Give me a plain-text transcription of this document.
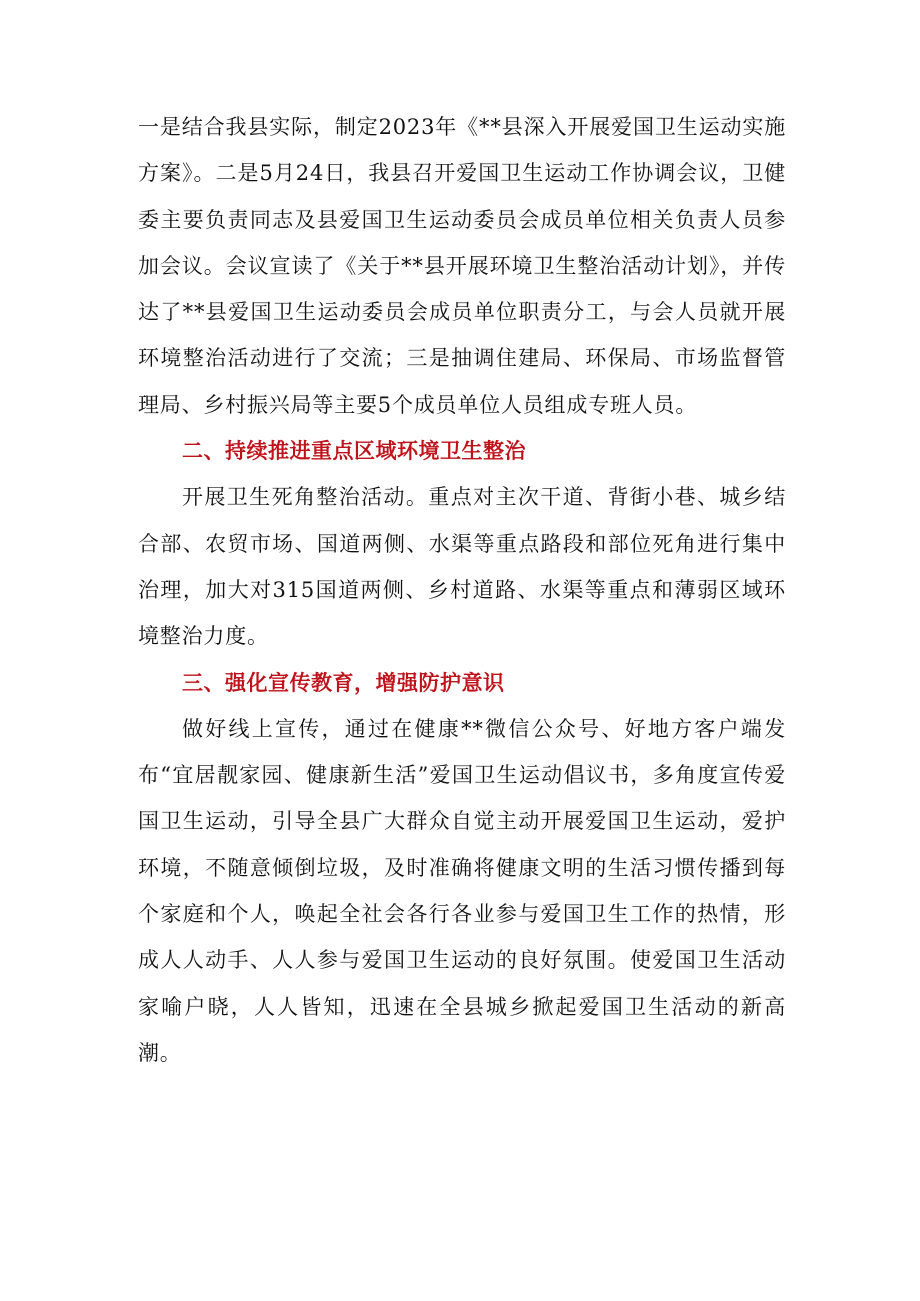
一是结合我县实际，制定2023年《**县深入开展爱国卫生运动实施方案》。二是5月24日，我县召开爱国卫生运动工作协调会议，卫健委主要负责同志及县爱国卫生运动委员会成员单位相关负责人员参加会议。会议宣读了《关于**县开展环境卫生整治活动计划》，并传达了**县爱国卫生运动委员会成员单位职责分工，与会人员就开展环境整治活动进行了交流；三是抽调住建局、环保局、市场监督管理局、乡村振兴局等主要5个成员单位人员组成专班人员。

二、持续推进重点区域环境卫生整治

开展卫生死角整治活动。重点对主次干道、背街小巷、城乡结合部、农贸市场、国道两侧、水渠等重点路段和部位死角进行集中治理，加大对315国道两侧、乡村道路、水渠等重点和薄弱区域环境整治力度。

三、强化宣传教育，增强防护意识

做好线上宣传，通过在健康**微信公众号、好地方客户端发布“宜居靓家园、健康新生活”爱国卫生运动倡议书，多角度宣传爱国卫生运动，引导全县广大群众自觉主动开展爱国卫生运动，爱护环境，不随意倾倒垃圾，及时准确将健康文明的生活习惯传播到每个家庭和个人，唤起全社会各行各业参与爱国卫生工作的热情，形成人人动手、人人参与爱国卫生运动的良好氛围。使爱国卫生活动家喻户晓，人人皆知，迅速在全县城乡掀起爱国卫生活动的新高潮。
